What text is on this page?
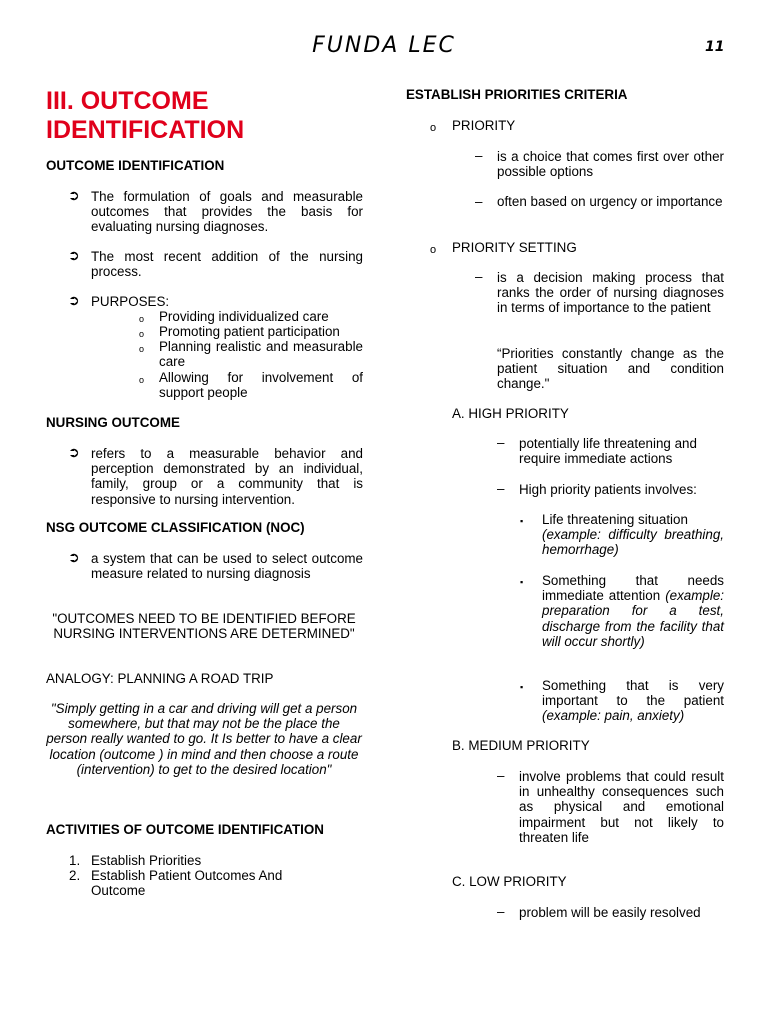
FUNDA LEC	11
III. OUTCOME
IDENTIFICATION
OUTCOME IDENTIFICATION
➲ The formulation of goals and measurable outcomes that provides the basis for evaluating nursing diagnoses.
➲ The most recent addition of the nursing process.
➲ PURPOSES:
o Providing individualized care
o Promoting patient participation
o Planning realistic and measurable care
o Allowing for involvement of support people
NURSING OUTCOME
➲ refers to a measurable behavior and perception demonstrated by an individual, family, group or a community that is responsive to nursing intervention.
NSG OUTCOME CLASSIFICATION (NOC)
➲ a system that can be used to select outcome measure related to nursing diagnosis
"OUTCOMES NEED TO BE IDENTIFIED BEFORE NURSING INTERVENTIONS ARE DETERMINED"
ANALOGY: PLANNING A ROAD TRIP
"Simply getting in a car and driving will get a person somewhere, but that may not be the place the person really wanted to go. It Is better to have a clear location (outcome ) in mind and then choose a route (intervention) to get to the desired location"
ACTIVITIES OF OUTCOME IDENTIFICATION
1. Establish Priorities
2. Establish Patient Outcomes And Outcome
ESTABLISH PRIORITIES CRITERIA
o PRIORITY
– is a choice that comes first over other possible options
– often based on urgency or importance
o PRIORITY SETTING
– is a decision making process that ranks the order of nursing diagnoses in terms of importance to the patient
“Priorities constantly change as the patient situation and condition change."
A. HIGH PRIORITY
– potentially life threatening and require immediate actions
– High priority patients involves:
▪ Life threatening situation
(example: difficulty breathing, hemorrhage)
▪ Something that needs immediate attention (example: preparation for a test, discharge from the facility that will occur shortly)
▪ Something that is very important to the patient (example: pain, anxiety)
B. MEDIUM PRIORITY
– involve problems that could result in unhealthy consequences such as physical and emotional impairment but not likely to threaten life
C. LOW PRIORITY
– problem will be easily resolved
